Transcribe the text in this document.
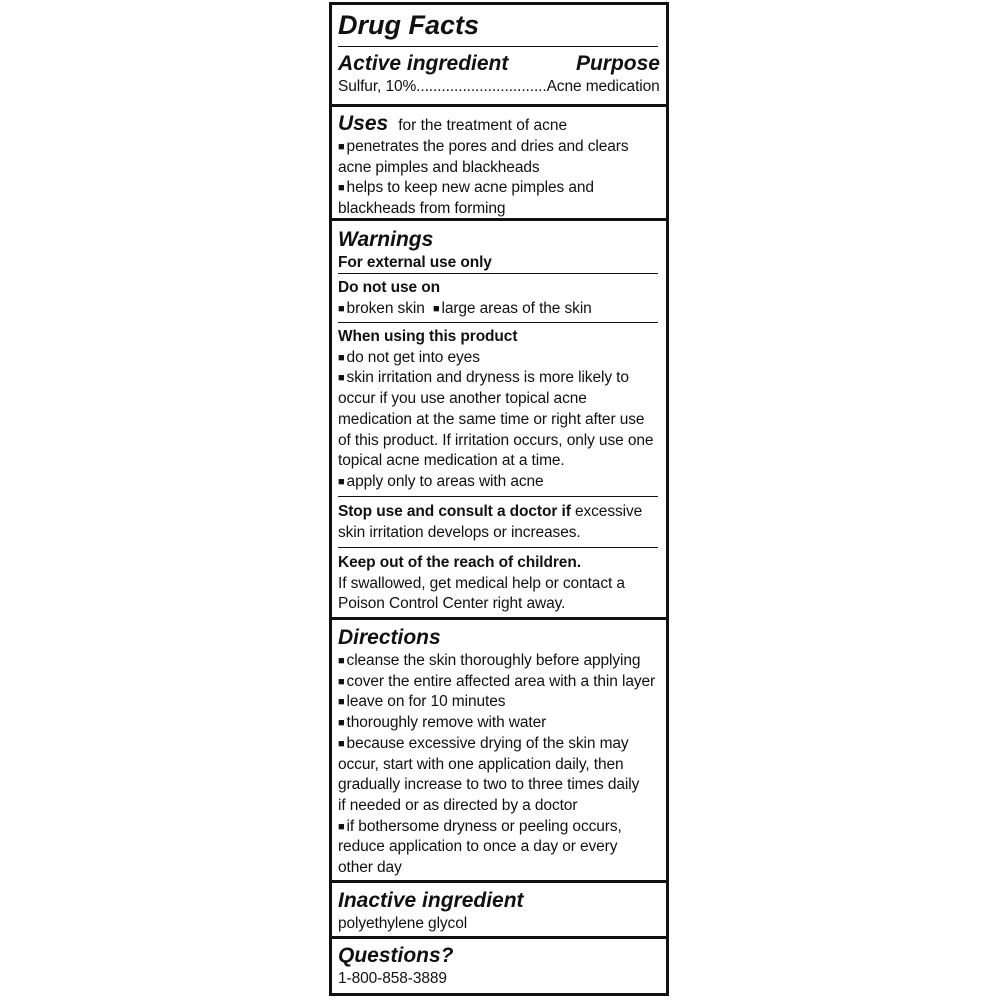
Drug Facts
Active ingredient	Purpose
Sulfur, 10%...............................Acne medication
Uses for the treatment of acne
■ penetrates the pores and dries and clears
acne pimples and blackheads
■ helps to keep new acne pimples and
blackheads from forming
Warnings
For external use only
Do not use on
■ broken skin ■ large areas of the skin
When using this product
■ do not get into eyes
■ skin irritation and dryness is more likely to
occur if you use another topical acne
medication at the same time or right after use
of this product. If irritation occurs, only use one
topical acne medication at a time.
■ apply only to areas with acne
Stop use and consult a doctor if excessive
skin irritation develops or increases.
Keep out of the reach of children.
If swallowed, get medical help or contact a
Poison Control Center right away.
Directions
■ cleanse the skin thoroughly before applying
■ cover the entire affected area with a thin layer
■ leave on for 10 minutes
■ thoroughly remove with water
■ because excessive drying of the skin may
occur, start with one application daily, then
gradually increase to two to three times daily
if needed or as directed by a doctor
■ if bothersome dryness or peeling occurs,
reduce application to once a day or every
other day
Inactive ingredient
polyethylene glycol
Questions?
1-800-858-3889
